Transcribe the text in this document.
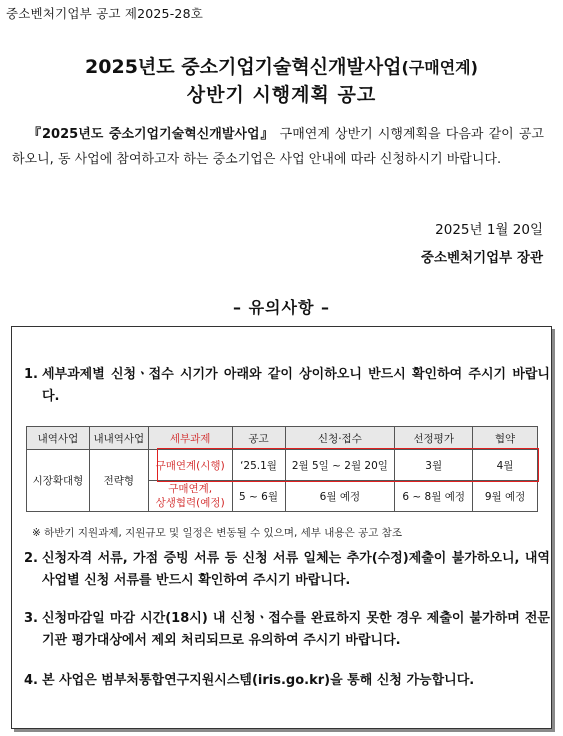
중소벤처기업부 공고 제2025-28호
2025년도 중소기업기술혁신개발사업(구매연계)
상반기 시행계획 공고
『2025년도 중소기업기술혁신개발사업』 구매연계 상반기 시행계획을 다음과 같이 공고하오니, 동 사업에 참여하고자 하는 중소기업은 사업 안내에 따라 신청하시기 바랍니다.
2025년 1월 20일
중소벤처기업부 장관
– 유의사항 –
1. 세부과제별 신청ㆍ접수 시기가 아래와 같이 상이하오니 반드시 확인하여 주시기 바랍니다.
내역사업	내내역사업	세부과제	공고	신청·접수	선정평가	협약
시장확대형	전략형	구매연계(시행)	‘25.1월	2월 5일 ~ 2월 20일	3월	4월

		구매연계,
상생협력(예정)	5 ~ 6월	6월 예정	6 ~ 8월 예정	9월 예정
※ 하반기 지원과제, 지원규모 및 일정은 변동될 수 있으며, 세부 내용은 공고 참조
2. 신청자격 서류, 가점 증빙 서류 등 신청 서류 일체는 추가(수정)제출이 불가하오니, 내역사업별 신청 서류를 반드시 확인하여 주시기 바랍니다.
3. 신청마감일 마감 시간(18시) 내 신청ㆍ접수를 완료하지 못한 경우 제출이 불가하며 전문기관 평가대상에서 제외 처리되므로 유의하여 주시기 바랍니다.
4. 본 사업은 범부처통합연구지원시스템(iris.go.kr)을 통해 신청 가능합니다.
